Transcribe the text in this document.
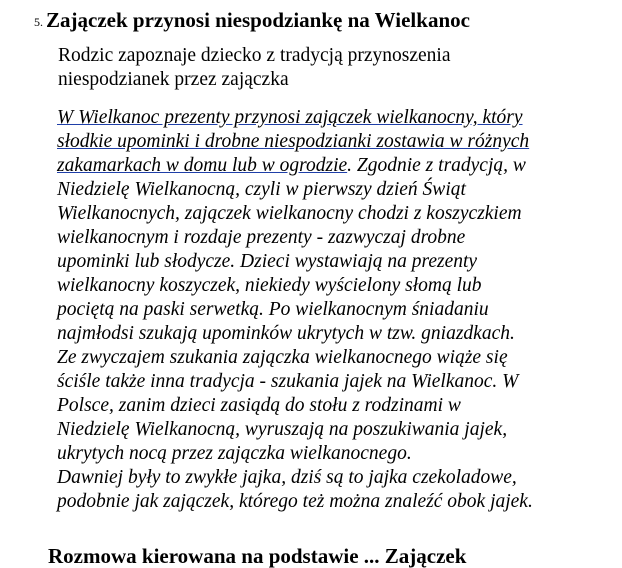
5. Zajączek przynosi niespodziankę na Wielkanoc
Rodzic zapoznaje dziecko z tradycją przynoszenia
niespodzianek przez zajączka
W Wielkanoc prezenty przynosi zajączek wielkanocny, który
słodkie upominki i drobne niespodzianki zostawia w różnych
zakamarkach w domu lub w ogrodzie. Zgodnie z tradycją, w
Niedzielę Wielkanocną, czyli w pierwszy dzień Świąt
Wielkanocnych, zajączek wielkanocny chodzi z koszyczkiem
wielkanocnym i rozdaje prezenty - zazwyczaj drobne
upominki lub słodycze. Dzieci wystawiają na prezenty
wielkanocny koszyczek, niekiedy wyścielony słomą lub
pociętą na paski serwetką. Po wielkanocnym śniadaniu
najmłodsi szukają upominków ukrytych w tzw. gniazdkach.
Ze zwyczajem szukania zajączka wielkanocnego wiąże się
ściśle także inna tradycja - szukania jajek na Wielkanoc. W
Polsce, zanim dzieci zasiądą do stołu z rodzinami w
Niedzielę Wielkanocną, wyruszają na poszukiwania jajek,
ukrytych nocą przez zajączka wielkanocnego.
Dawniej były to zwykłe jajka, dziś są to jajka czekoladowe,
podobnie jak zajączek, którego też można znaleźć obok jajek.
Rozmowa kierowana na podstawie ... Zajączek
